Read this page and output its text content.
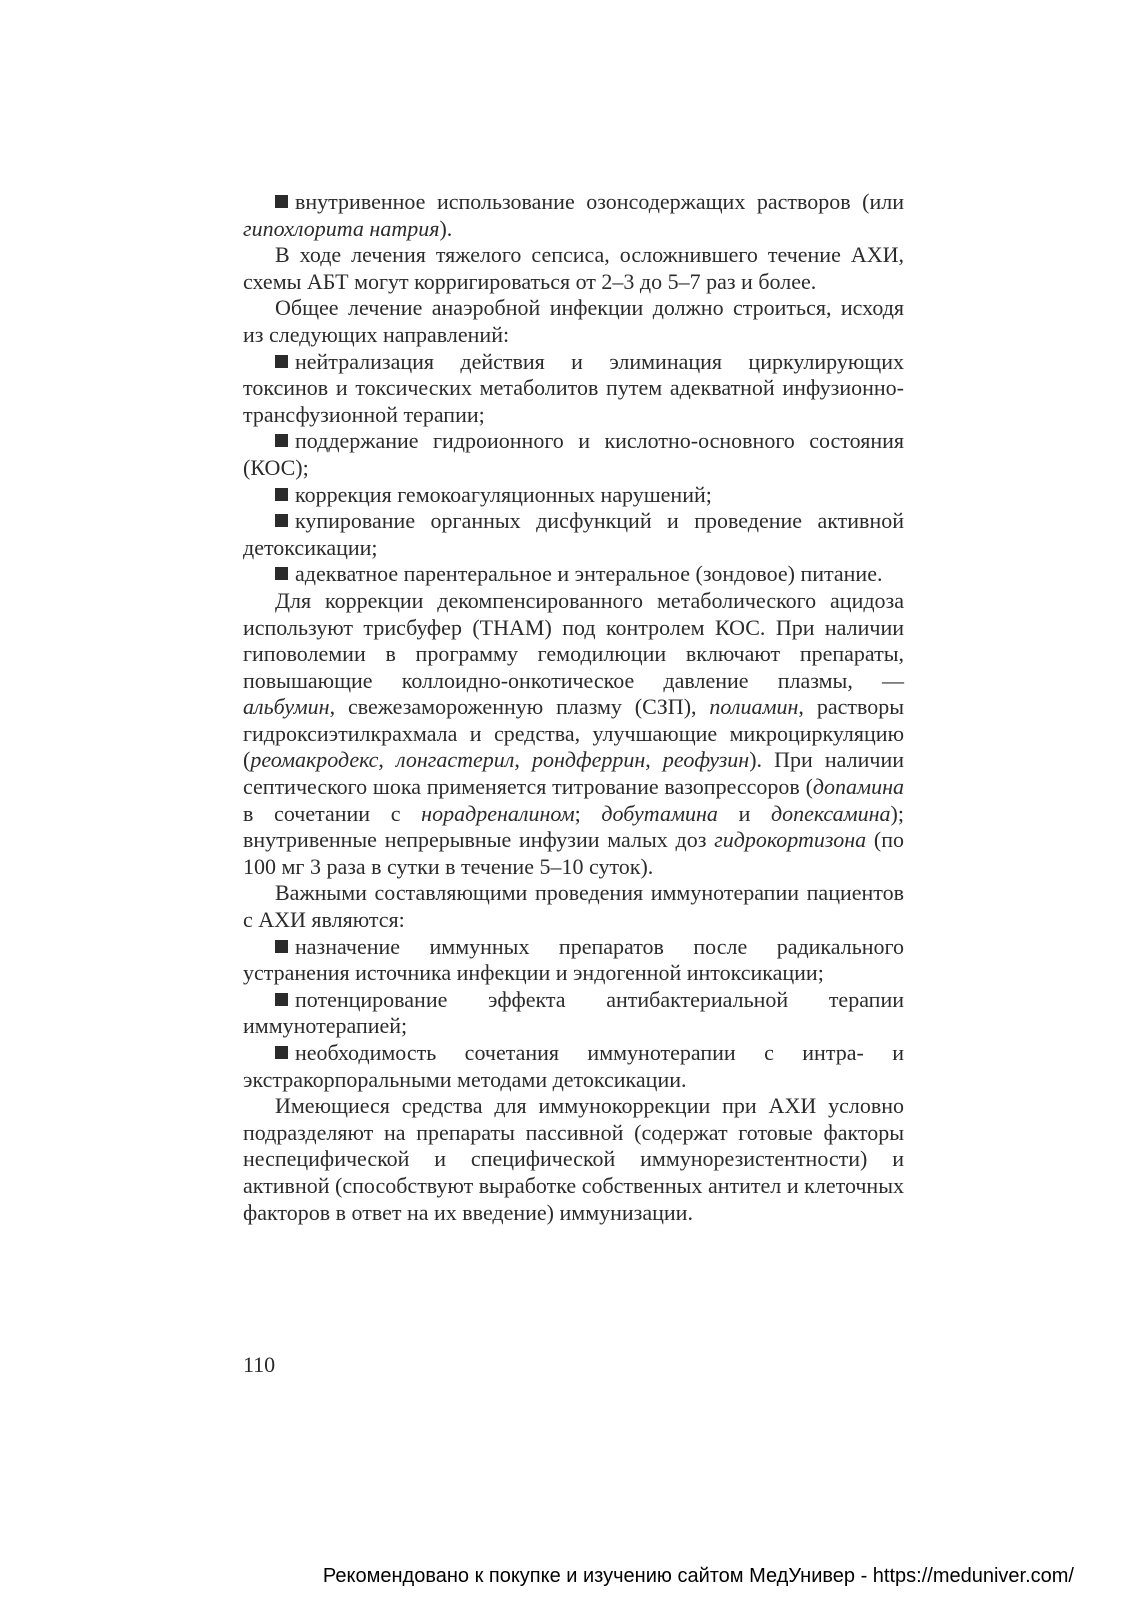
внутривенное использование озонсодержащих растворов (или гипохлорита натрия).

В ходе лечения тяжелого сепсиса, осложнившего течение АХИ, схемы АБТ могут корригироваться от 2–3 до 5–7 раз и более.

Общее лечение анаэробной инфекции должно строиться, исходя из следующих направлений:

нейтрализация действия и элиминация циркулирующих токсинов и токсических метаболитов путем адекватной инфузионно-трансфузионной терапии;

поддержание гидроионного и кислотно-основного состояния (КОС);

коррекция гемокоагуляционных нарушений;

купирование органных дисфункций и проведение активной детоксикации;

адекватное парентеральное и энтеральное (зондовое) питание.

Для коррекции декомпенсированного метаболического ацидоза используют трисбуфер (THAM) под контролем КОС. При наличии гиповолемии в программу гемодилюции включают препараты, повышающие коллоидно-онкотическое давление плазмы, — альбумин, свежезамороженную плазму (СЗП), полиамин, растворы гидроксиэтилкрахмала и средства, улучшающие микроциркуляцию (реомакродекс, лонгастерил, рондферрин, реофузин). При наличии септического шока применяется титрование вазопрессоров (допамина в сочетании с норадреналином; добутамина и допексамина); внутривенные непрерывные инфузии малых доз гидрокортизона (по 100 мг 3 раза в сутки в течение 5–10 суток).

Важными составляющими проведения иммунотерапии пациентов с АХИ являются:

назначение иммунных препаратов после радикального устранения источника инфекции и эндогенной интоксикации;

потенцирование эффекта антибактериальной терапии иммунотерапией;

необходимость сочетания иммунотерапии с интра- и экстракорпоральными методами детоксикации.

Имеющиеся средства для иммунокоррекции при АХИ условно подразделяют на препараты пассивной (содержат готовые факторы неспецифической и специфической иммунорезистентности) и активной (способствуют выработке собственных антител и клеточных факторов в ответ на их введение) иммунизации.

110
Рекомендовано к покупке и изучению сайтом МедУнивер - https://meduniver.com/
